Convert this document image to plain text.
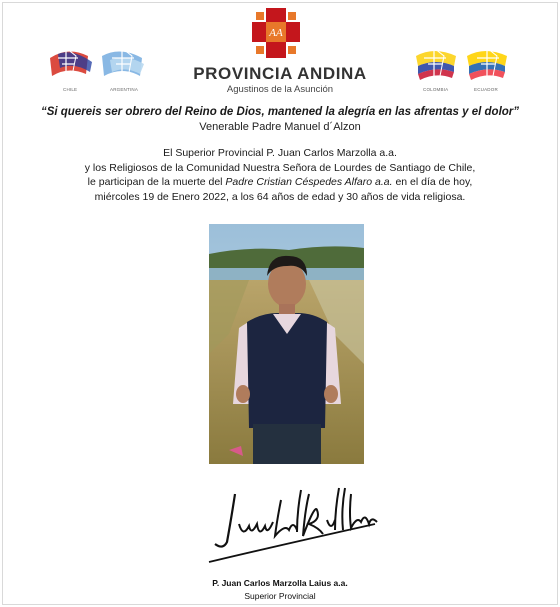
AA
PROVINCIA ANDINA
Agustinos de la Asunción
CHILE	ARGENTINA	COLOMBIA	ECUADOR
“Si quereis ser obrero del Reino de Dios, mantened la alegría en las afrentas y el dolor”
Venerable Padre Manuel d´Alzon
El Superior Provincial P. Juan Carlos Marzolla a.a.
y los Religiosos de la Comunidad Nuestra Señora de Lourdes de Santiago de Chile,
le participan de la muerte del Padre Cristian Céspedes Alfaro a.a. en el día de hoy,
miércoles 19 de Enero 2022, a los 64 años de edad y 30 años de vida religiosa.
P. Juan Carlos Marzolla Laius a.a.
Superior Provincial
